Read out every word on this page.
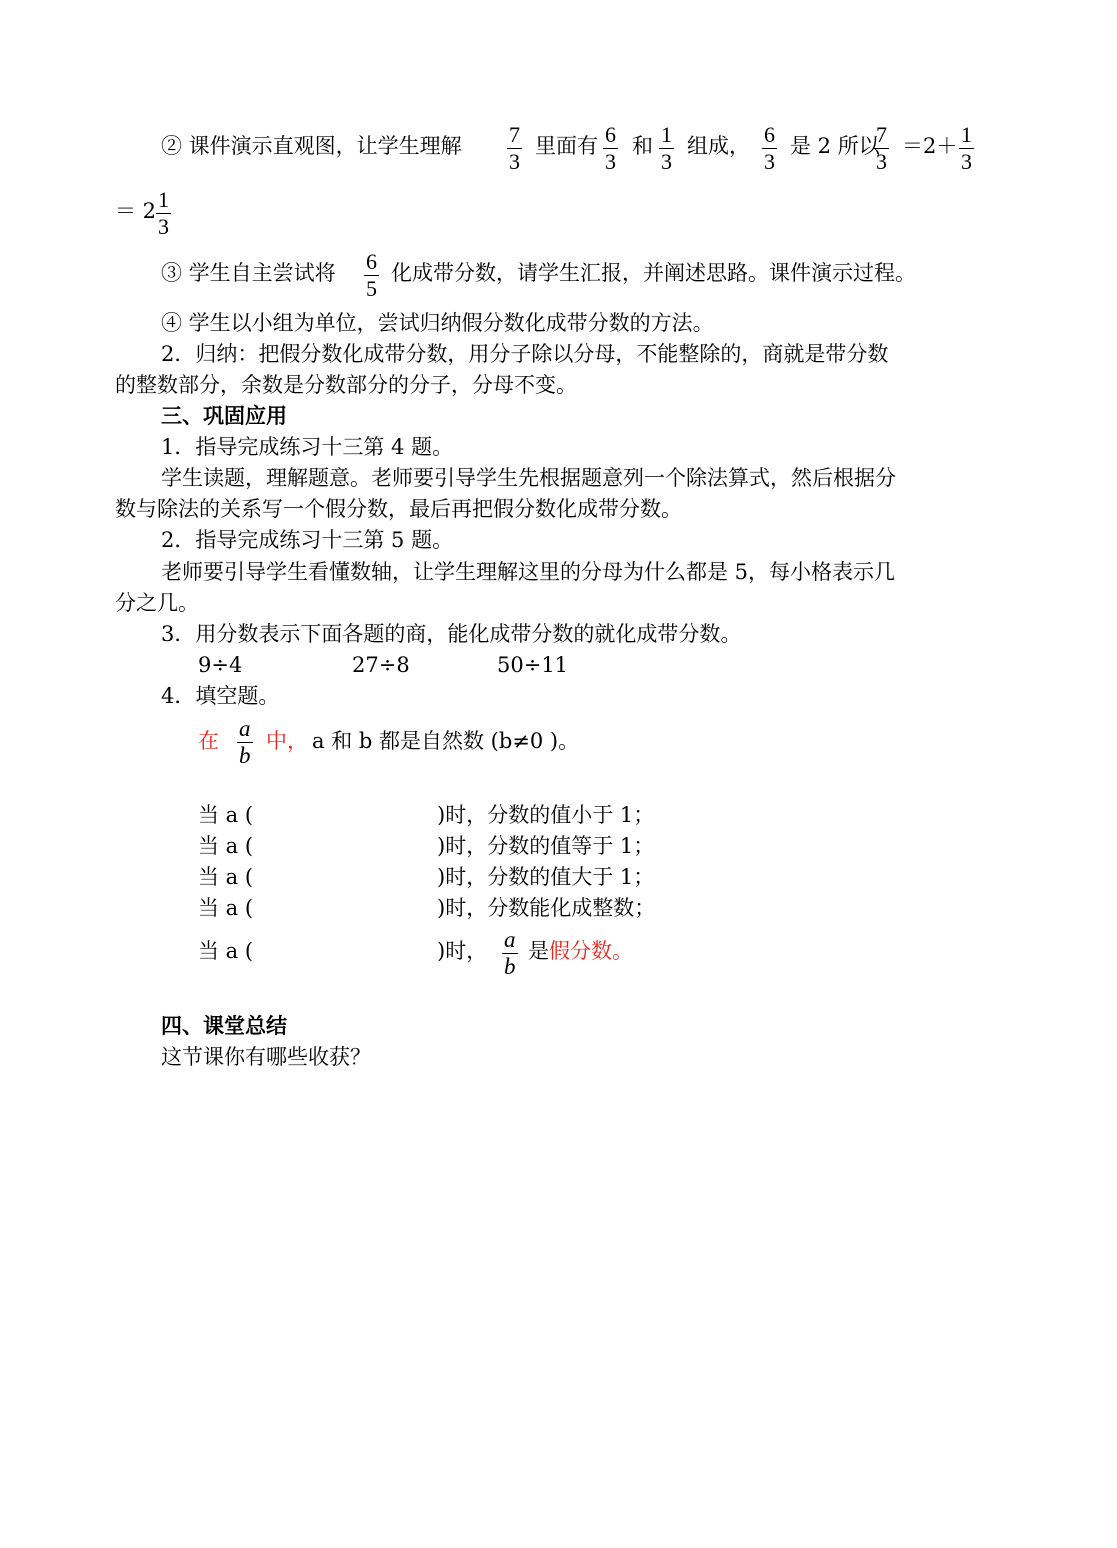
② 课件演示直观图，让学生理解 7
3
里面有 6
3
和 1
3
组成， 6
3
是 2 所以
7
3
＝2＋ 1
3
＝ 2 1
3
③ 学生自主尝试将 6
5
化成带分数，请学生汇报，并阐述思路。课件演示过程。
④ 学生以小组为单位，尝试归纳假分数化成带分数的方法。
2．归纳：把假分数化成带分数，用分子除以分母，不能整除的，商就是带分数
的整数部分，余数是分数部分的分子，分母不变。
三、巩固应用
1．指导完成练习十三第 4 题。
学生读题，理解题意。老师要引导学生先根据题意列一个除法算式，然后根据分
数与除法的关系写一个假分数，最后再把假分数化成带分数。
2．指导完成练习十三第 5 题。
老师要引导学生看懂数轴，让学生理解这里的分母为什么都是 5，每小格表示几
分之几。
3．用分数表示下面各题的商，能化成带分数的就化成带分数。
9÷4	27÷8	50÷11
4．填空题。
在 a
b
中， a 和 b 都是自然数 (b≠0 )。
当 a (	)时，分数的值小于 1；
当 a (	)时，分数的值等于 1；
当 a (	)时，分数的值大于 1；
当 a (	)时，分数能化成整数；
当 a (	)时， a
b
是 假分数。
四、课堂总结
这节课你有哪些收获？
